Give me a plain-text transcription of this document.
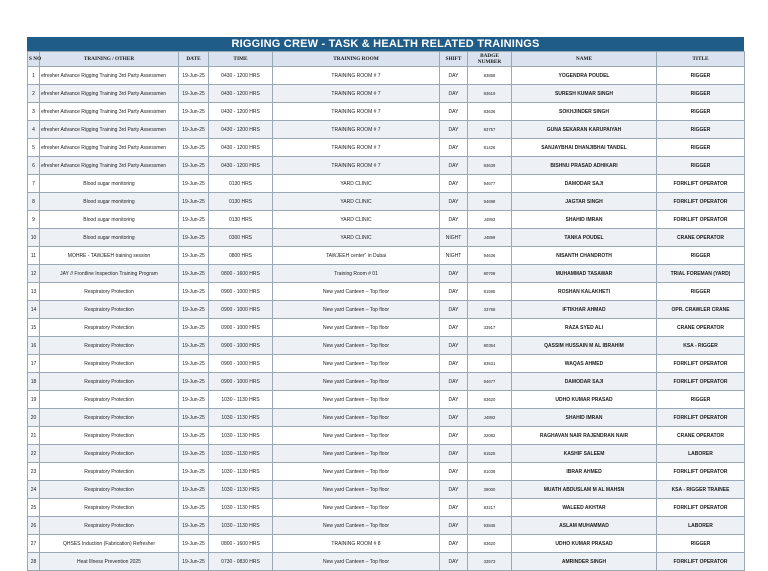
RIGGING CREW - TASK & HEALTH RELATED TRAININGS
S NO	TRAINING / OTHER	DATE	TIME	TRAINING ROOM	SHIFT	BADGE NUMBER	NAME	TITLE
1	efresher Advance Rigging Training 3rd Party Assessmen	19-Jun-25	0430 - 1200 HRS	TRAINING ROOM # 7	DAY	83858	YOGENDRA POUDEL	RIGGER
2	efresher Advance Rigging Training 3rd Party Assessmen	19-Jun-25	0430 - 1200 HRS	TRAINING ROOM # 7	DAY	83619	SURESH KUMAR SINGH	RIGGER
3	efresher Advance Rigging Training 3rd Party Assessmen	19-Jun-25	0430 - 1200 HRS	TRAINING ROOM # 7	DAY	83636	SOKHJINDER SINGH	RIGGER
4	efresher Advance Rigging Training 3rd Party Assessmen	19-Jun-25	0430 - 1200 HRS	TRAINING ROOM # 7	DAY	83757	GUNA SEKARAN KARUPAIYAH	RIGGER
5	efresher Advance Rigging Training 3rd Party Assessmen	19-Jun-25	0430 - 1200 HRS	TRAINING ROOM # 7	DAY	81426	SANJAYBHAI DHANJIBHAI TANDEL	RIGGER
6	efresher Advance Rigging Training 3rd Party Assessmen	19-Jun-25	0430 - 1200 HRS	TRAINING ROOM # 7	DAY	83639	BISHNU PRASAD ADHIKARI	RIGGER
7	Blood sugar monitoring	19-Jun-25	0130 HRS	YARD CLINIC	DAY	94677	DAMODAR SAJI	FORKLIFT OPERATOR
8	Blood sugar monitoring	19-Jun-25	0130 HRS	YARD CLINIC	DAY	94698	JAGTAR SINGH	FORKLIFT OPERATOR
9	Blood sugar monitoring	19-Jun-25	0130 HRS	YARD CLINIC	DAY	J4893	SHAHID IMRAN	FORKLIFT OPERATOR
10	Blood sugar monitoring	19-Jun-25	0300 HRS	YARD CLINIC	NIGHT	J4899	TANKA POUDEL	CRANE OPERATOR
11	MOHRE - TAWJEEH training session	19-Jun-25	0800 HRS	TAWJEEH center" in Dubai	NIGHT	94636	NISANTH CHANDROTH	RIGGER
12	JAY // Frontline Inspection Training Program	19-Jun-25	0800 - 1600 HRS	Training Room # 01	DAY	80708	MUHAMMAD TASAWAR	TRIAL FOREMAN (YARD)
13	Respiratory Protection	19-Jun-25	0900 - 1000 HRS	New yard Canteen – Top floor	DAY	81595	ROSHAN KALAKHETI	RIGGER
14	Respiratory Protection	19-Jun-25	0900 - 1000 HRS	New yard Canteen – Top floor	DAY	33768	IFTIKHAR AHMAD	OPR. CRAWLER CRANE
15	Respiratory Protection	19-Jun-25	0900 - 1000 HRS	New yard Canteen – Top floor	DAY	33917	RAZA SYED ALI	CRANE OPERATOR
16	Respiratory Protection	19-Jun-25	0900 - 1000 HRS	New yard Canteen – Top floor	DAY	80354	QASSIM HUSSAIN M AL IBRAHIM	KSA - RIGGER
17	Respiratory Protection	19-Jun-25	0900 - 1000 HRS	New yard Canteen – Top floor	DAY	83531	WAQAS AHMED	FORKLIFT OPERATOR
18	Respiratory Protection	19-Jun-25	0900 - 1000 HRS	New yard Canteen – Top floor	DAY	94677	DAMODAR SAJI	FORKLIFT OPERATOR
19	Respiratory Protection	19-Jun-25	1030 - 1130 HRS	New yard Canteen – Top floor	DAY	83620	UDHO KUMAR PRASAD	RIGGER
20	Respiratory Protection	19-Jun-25	1030 - 1130 HRS	New yard Canteen – Top floor	DAY	J4893	SHAHID IMRAN	FORKLIFT OPERATOR
21	Respiratory Protection	19-Jun-25	1030 - 1130 HRS	New yard Canteen – Top floor	DAY	32082	RAGHAVAN NAIR RAJENDRAN NAIR	CRANE OPERATOR
22	Respiratory Protection	19-Jun-25	1030 - 1130 HRS	New yard Canteen – Top floor	DAY	81525	KASHIF SALEEM	LABORER
23	Respiratory Protection	19-Jun-25	1030 - 1130 HRS	New yard Canteen – Top floor	DAY	81038	IBRAR AHMED	FORKLIFT OPERATOR
24	Respiratory Protection	19-Jun-25	1030 - 1130 HRS	New yard Canteen – Top floor	DAY	39000	MUATH ABDUSLAM M AL MAHSN	KSA - RIGGER TRAINEE
25	Respiratory Protection	19-Jun-25	1030 - 1130 HRS	New yard Canteen – Top floor	DAY	83217	WALEED AKHTAR	FORKLIFT OPERATOR
26	Respiratory Protection	19-Jun-25	1030 - 1130 HRS	New yard Canteen – Top floor	DAY	93845	ASLAM MUHAMMAD	LABORER
27	QHSES Induction (Fabrication) Refresher	19-Jun-25	0800 - 1600 HRS	TRAINING ROOM # 8	DAY	83620	UDHO KUMAR PRASAD	RIGGER
28	Heat Illness Prevention 2025	19-Jun-25	0730 - 0830 HRS	New yard Canteen – Top floor	DAY	33573	AMRINDER SINGH	FORKLIFT OPERATOR
